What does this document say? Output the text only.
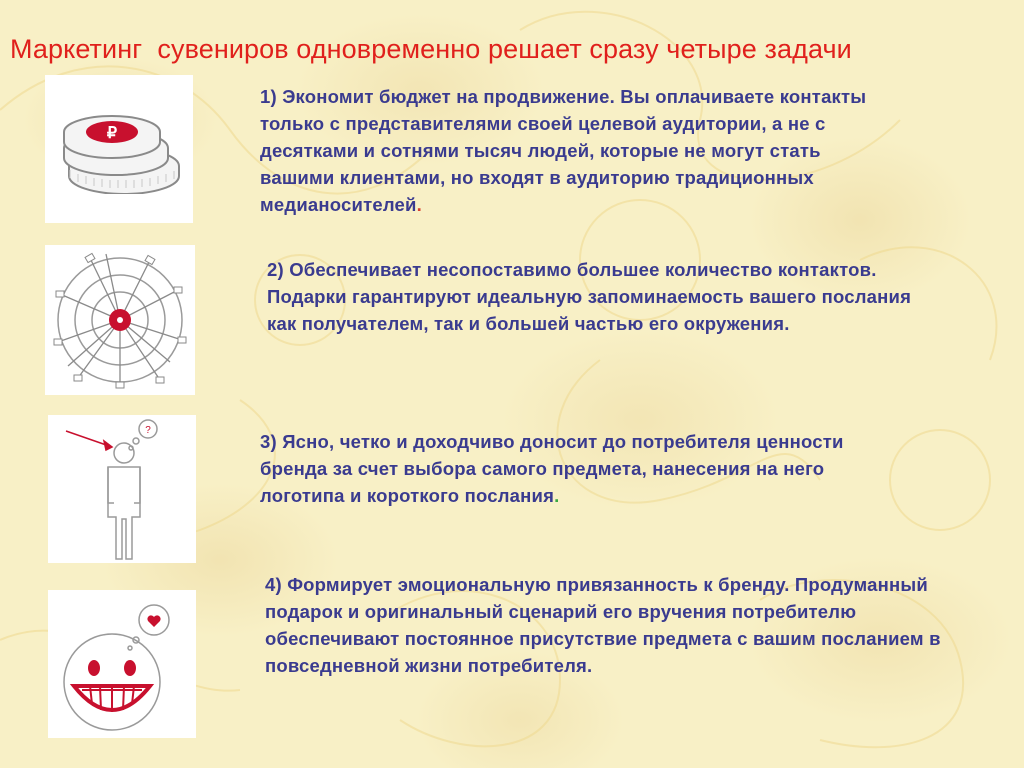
Маркетинг  сувениров одновременно решает сразу четыре задачи
₽
1) Экономит бюджет на продвижение. Вы оплачиваете контакты только с представителями своей целевой аудитории, а не с десятками и сотнями тысяч людей, которые не могут стать вашими клиентами, но входят в аудиторию традиционных медианосителей.
2) Обеспечивает несопоставимо большее количество контактов. Подарки гарантируют идеальную запоминаемость вашего послания как получателем, так и большей частью его окружения.
?
3) Ясно, четко и доходчиво доносит до потребителя ценности бренда за счет выбора самого предмета, нанесения на него логотипа и короткого послания.
4) Формирует эмоциональную привязанность к бренду. Продуманный подарок и оригинальный сценарий его вручения потребителю обеспечивают постоянное присутствие предмета с вашим посланием в повседневной жизни потребителя.
